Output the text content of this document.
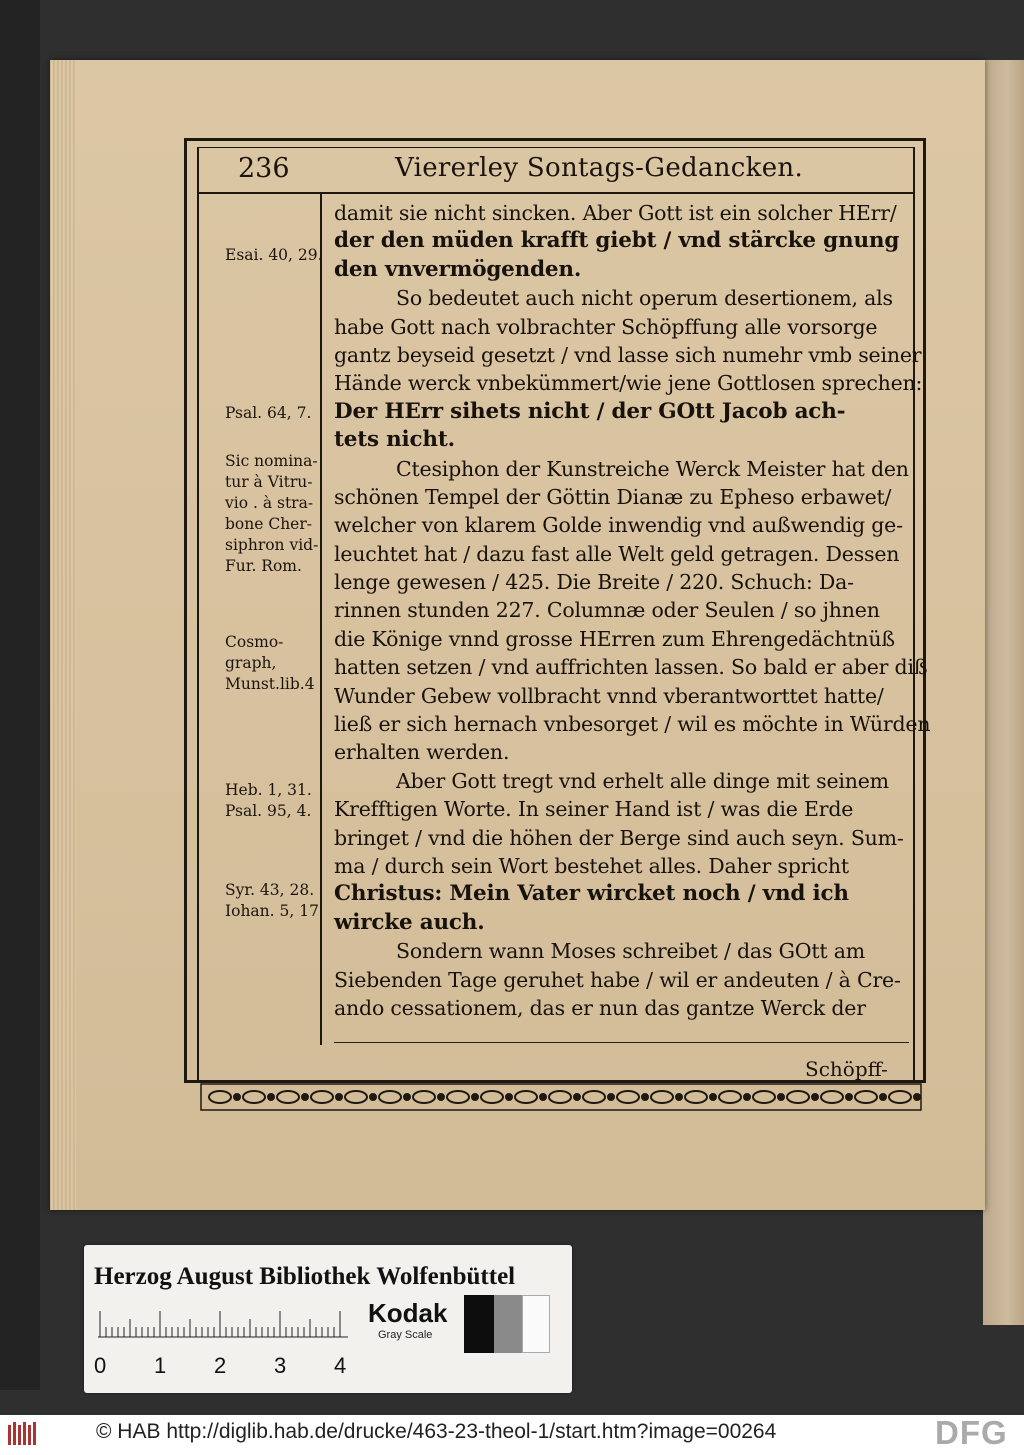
236	Viererley Sontags-Gedancken.
damit sie nicht sincken. Aber Gott ist ein solcher HErr/
der den müden krafft giebt / vnd stärcke gnung
den vnvermögenden.
So bedeutet auch nicht operum desertionem, als
habe Gott nach volbrachter Schöpffung alle vorsorge
gantz beyseid gesetzt / vnd lasse sich numehr vmb seiner
Hände werck vnbekümmert/wie jene Gottlosen sprechen:
Der HErr sihets nicht / der GOtt Jacob ach-
tets nicht.
Ctesiphon der Kunstreiche Werck Meister hat den
schönen Tempel der Göttin Dianæ zu Epheso erbawet/
welcher von klarem Golde inwendig vnd außwendig ge-
leuchtet hat / dazu fast alle Welt geld getragen. Dessen
lenge gewesen / 425. Die Breite / 220. Schuch: Da-
rinnen stunden 227. Columnæ oder Seulen / so jhnen
die Könige vnnd grosse HErren zum Ehrengedächtnüß
hatten setzen / vnd auffrichten lassen. So bald er aber diß
Wunder Gebew vollbracht vnnd vberantworttet hatte/
ließ er sich hernach vnbesorget / wil es möchte in Würden
erhalten werden.
Aber Gott tregt vnd erhelt alle dinge mit seinem
Krefftigen Worte. In seiner Hand ist / was die Erde
bringet / vnd die höhen der Berge sind auch seyn. Sum-
ma / durch sein Wort bestehet alles. Daher spricht
Christus: Mein Vater wircket noch / vnd ich
wircke auch.
Sondern wann Moses schreibet / das GOtt am
Siebenden Tage geruhet habe / wil er andeuten / à Cre-
ando cessationem, das er nun das gantze Werck der
Esai. 40, 29.
Psal. 64, 7.
Sic nomina-
tur à Vitru-
vio . à stra-
bone Cher-
siphron vid-
Fur. Rom.
Cosmo-
graph,
Munst.lib.4
Heb. 1, 31.
Psal. 95, 4.
Syr. 43, 28.
Iohan. 5, 17
Schöpff-
Herzog August Bibliothek Wolfenbüttel
0 1 2 3 4
Kodak
Gray Scale
© HAB http://diglib.hab.de/drucke/463-23-theol-1/start.htm?image=00264	DFG
